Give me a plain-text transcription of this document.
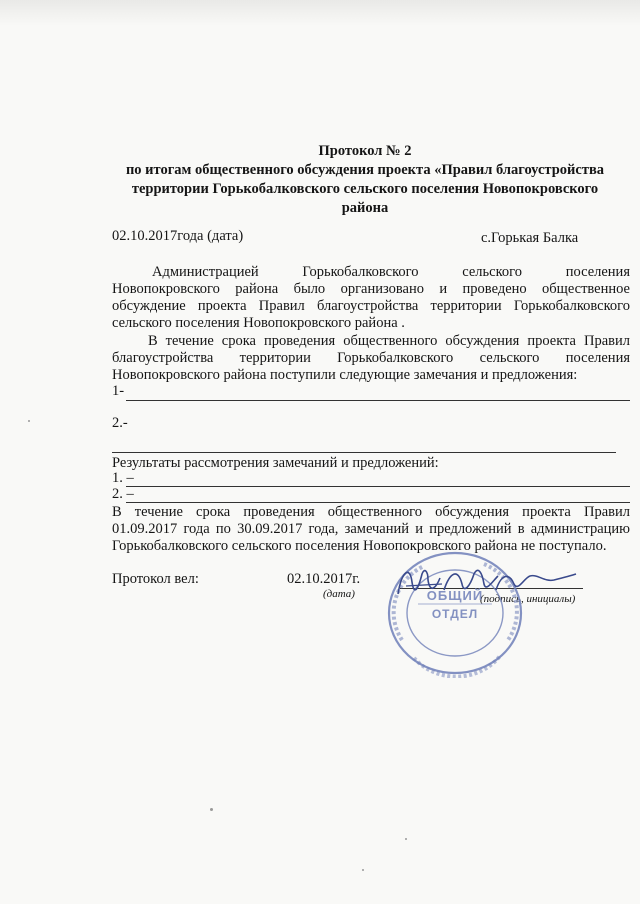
Протокол № 2
по итогам общественного обсуждения проекта «Правил благоустройства
территории Горькобалковского сельского поселения Новопокровского
района
02.10.2017года (дата)	с.Горькая Балка
Администрацией Горькобалковского сельского поселения
Новопокровского района было организовано и проведено общественное
обсуждение проекта Правил благоустройства территории Горькобалковского
сельского поселения Новопокровского района .
В течение срока проведения общественного обсуждения проекта Правил
благоустройства территории Горькобалковского сельского поселения
Новопокровского района поступили следующие замечания и предложения:
1-
2.-
Результаты рассмотрения замечаний и предложений:
1. –
2. –
В течение срока проведения общественного обсуждения проекта Правил
01.09.2017 года по 30.09.2017 года, замечаний и предложений в администрацию
Горькобалковского сельского поселения Новопокровского района не поступало.
Протокол вел:	02.10.2017г.
(дата)	(подпись, инициалы)
ОБЩИЙ
ОТДЕЛ
